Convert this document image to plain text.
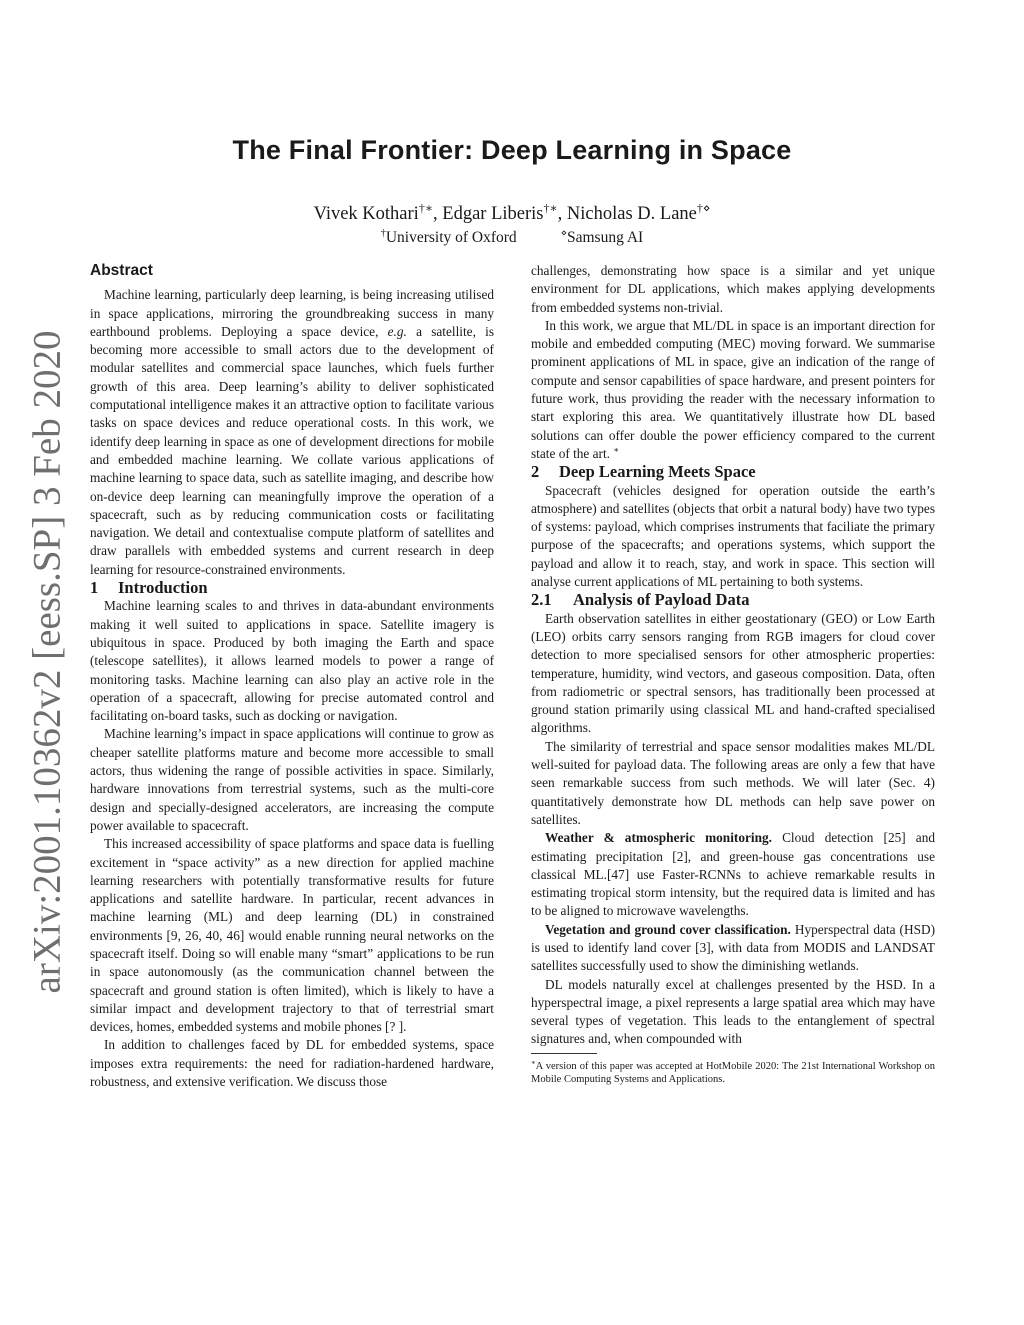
arXiv:2001.10362v2 [eess.SP] 3 Feb 2020
The Final Frontier: Deep Learning in Space

Vivek Kothari†∗, Edgar Liberis†∗, Nicholas D. Lane†⋄

†University of Oxford	⋄Samsung AI

Abstract

Machine learning, particularly deep learning, is being increasing utilised in space applications, mirroring the groundbreaking success in many earthbound problems. Deploying a space device, e.g. a satellite, is becoming more accessible to small actors due to the development of modular satellites and commercial space launches, which fuels further growth of this area. Deep learning’s ability to deliver sophisticated computational intelligence makes it an attractive option to facilitate various tasks on space devices and reduce operational costs. In this work, we identify deep learning in space as one of development directions for mobile and embedded machine learning. We collate various applications of machine learning to space data, such as satellite imaging, and describe how on-device deep learning can meaningfully improve the operation of a spacecraft, such as by reducing communication costs or facilitating navigation. We detail and contextualise compute platform of satellites and draw parallels with embedded systems and current research in deep learning for resource-constrained environments.

1 Introduction

Machine learning scales to and thrives in data-abundant environments making it well suited to applications in space. Satellite imagery is ubiquitous in space. Produced by both imaging the Earth and space (telescope satellites), it allows learned models to power a range of monitoring tasks. Machine learning can also play an active role in the operation of a spacecraft, allowing for precise automated control and facilitating on-board tasks, such as docking or navigation.

Machine learning’s impact in space applications will continue to grow as cheaper satellite platforms mature and become more accessible to small actors, thus widening the range of possible activities in space. Similarly, hardware innovations from terrestrial systems, such as the multi-core design and specially-designed accelerators, are increasing the compute power available to spacecraft.

This increased accessibility of space platforms and space data is fuelling excitement in “space activity” as a new direction for applied machine learning researchers with potentially transformative results for future applications and satellite hardware. In particular, recent advances in machine learning (ML) and deep learning (DL) in constrained environments [9, 26, 40, 46] would enable running neural networks on the spacecraft itself. Doing so will enable many “smart” applications to be run in space autonomously (as the communication channel between the spacecraft and ground station is often limited), which is likely to have a similar impact and development trajectory to that of terrestrial smart devices, homes, embedded systems and mobile phones [? ].

In addition to challenges faced by DL for embedded systems, space imposes extra requirements: the need for radiation-hardened hardware, robustness, and extensive verification. We discuss those

challenges, demonstrating how space is a similar and yet unique environment for DL applications, which makes applying developments from embedded systems non-trivial.

In this work, we argue that ML/DL in space is an important direction for mobile and embedded computing (MEC) moving forward. We summarise prominent applications of ML in space, give an indication of the range of compute and sensor capabilities of space hardware, and present pointers for future work, thus providing the reader with the necessary information to start exploring this area. We quantitatively illustrate how DL based solutions can offer double the power efficiency compared to the current state of the art. ∗

2 Deep Learning Meets Space

Spacecraft (vehicles designed for operation outside the earth’s atmosphere) and satellites (objects that orbit a natural body) have two types of systems: payload, which comprises instruments that faciliate the primary purpose of the spacecrafts; and operations systems, which support the payload and allow it to reach, stay, and work in space. This section will analyse current applications of ML pertaining to both systems.

2.1 Analysis of Payload Data

Earth observation satellites in either geostationary (GEO) or Low Earth (LEO) orbits carry sensors ranging from RGB imagers for cloud cover detection to more specialised sensors for other atmospheric properties: temperature, humidity, wind vectors, and gaseous composition. Data, often from radiometric or spectral sensors, has traditionally been processed at ground station primarily using classical ML and hand-crafted specialised algorithms.

The similarity of terrestrial and space sensor modalities makes ML/DL well-suited for payload data. The following areas are only a few that have seen remarkable success from such methods. We will later (Sec. 4) quantitatively demonstrate how DL methods can help save power on satellites.

Weather & atmospheric monitoring. Cloud detection [25] and estimating precipitation [2], and green-house gas concentrations use classical ML.[47] use Faster-RCNNs to achieve remarkable results in estimating tropical storm intensity, but the required data is limited and has to be aligned to microwave wavelengths.

Vegetation and ground cover classification. Hyperspectral data (HSD) is used to identify land cover [3], with data from MODIS and LANDSAT satellites successfully used to show the diminishing wetlands.

DL models naturally excel at challenges presented by the HSD. In a hyperspectral image, a pixel represents a large spatial area which may have several types of vegetation. This leads to the entanglement of spectral signatures and, when compounded with

∗A version of this paper was accepted at HotMobile 2020: The 21st International Workshop on Mobile Computing Systems and Applications.
